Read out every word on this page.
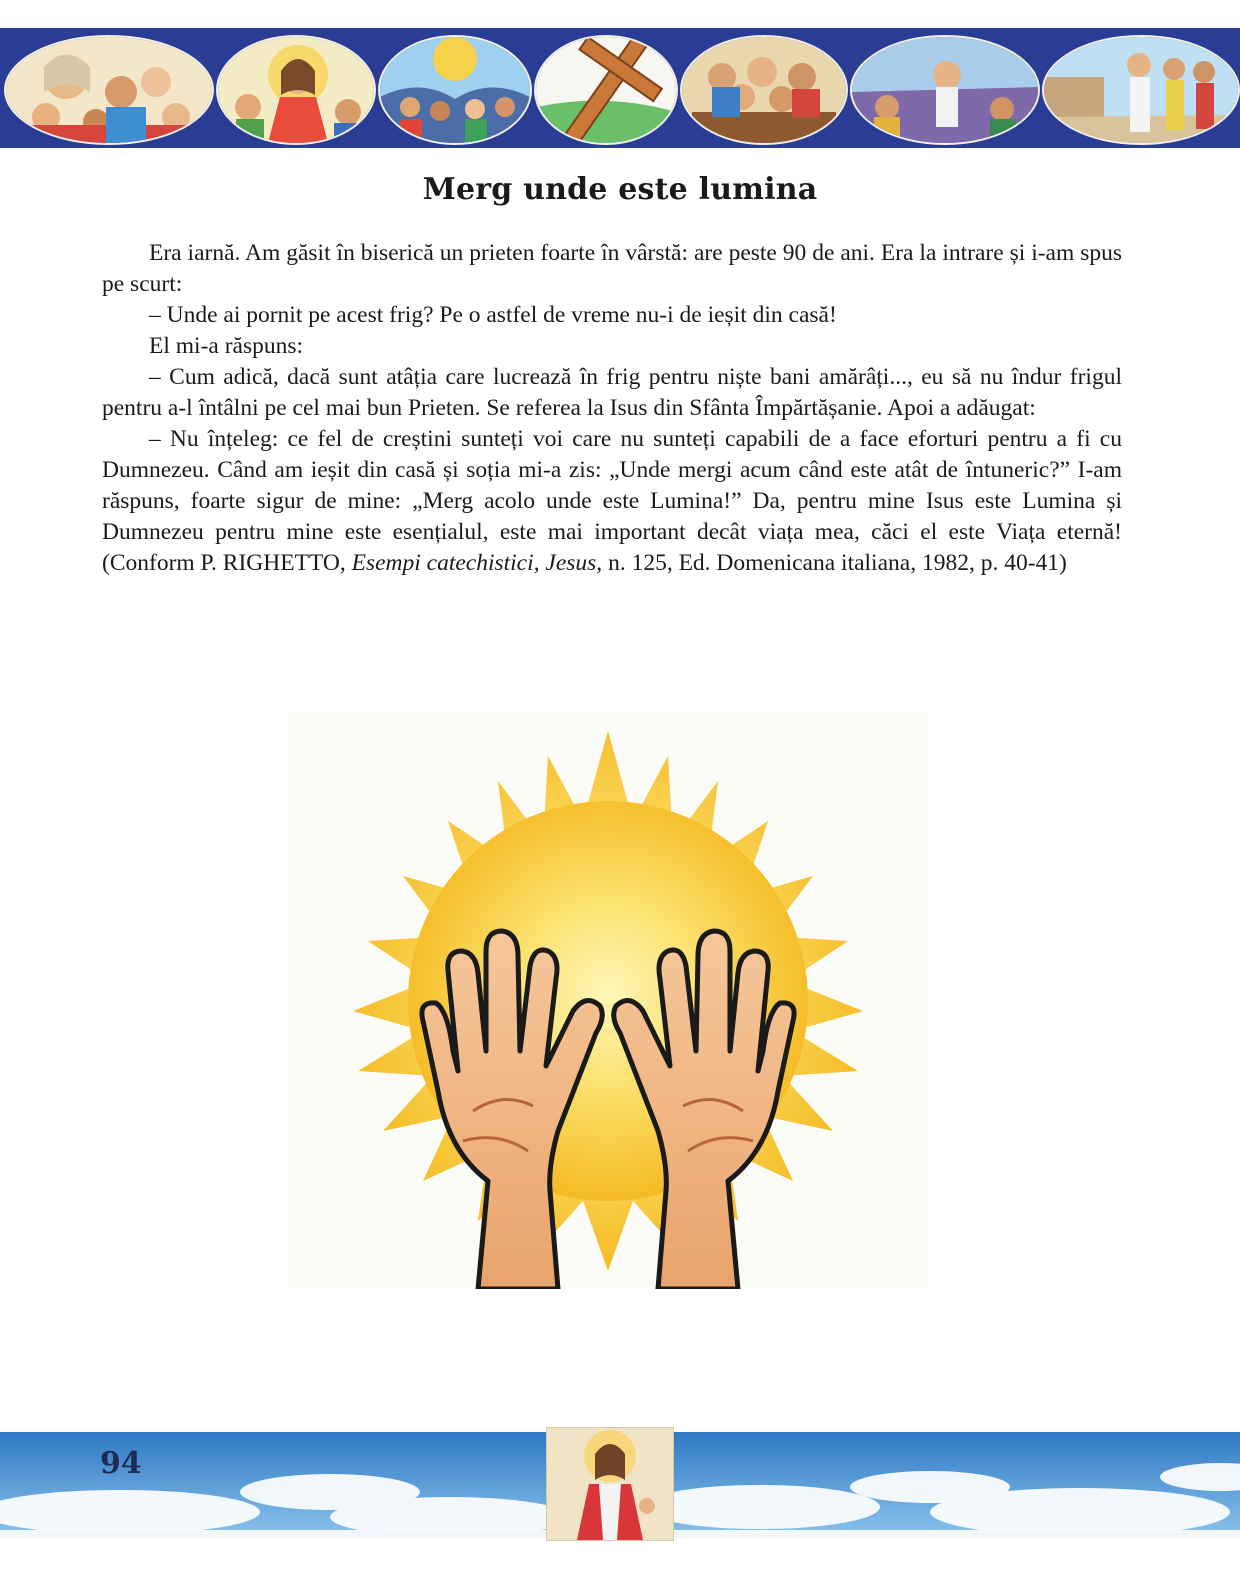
Merg unde este lumina

Era iarnă. Am găsit în biserică un prieten foarte în vârstă: are peste 90 de ani. Era la intrare și i-am spus pe scurt:

– Unde ai pornit pe acest frig? Pe o astfel de vreme nu-i de ieșit din casă!

El mi-a răspuns:

– Cum adică, dacă sunt atâția care lucrează în frig pentru niște bani amărâți..., eu să nu îndur frigul pentru a-l întâlni pe cel mai bun Prieten. Se referea la Isus din Sfânta Împărtășanie. Apoi a adăugat:

– Nu înțeleg: ce fel de creștini sunteți voi care nu sunteți capabili de a face eforturi pentru a fi cu Dumnezeu. Când am ieșit din casă și soția mi-a zis: „Unde mergi acum când este atât de întuneric?” I-am răspuns, foarte sigur de mine: „Merg acolo unde este Lumina!” Da, pentru mine Isus este Lumina și Dumnezeu pentru mine este esențialul, este mai important decât viața mea, căci el este Viața eternă! (Conform P. RIGHETTO, Esempi catechistici, Jesus, n. 125, Ed. Domenicana italiana, 1982, p. 40-41)

94
